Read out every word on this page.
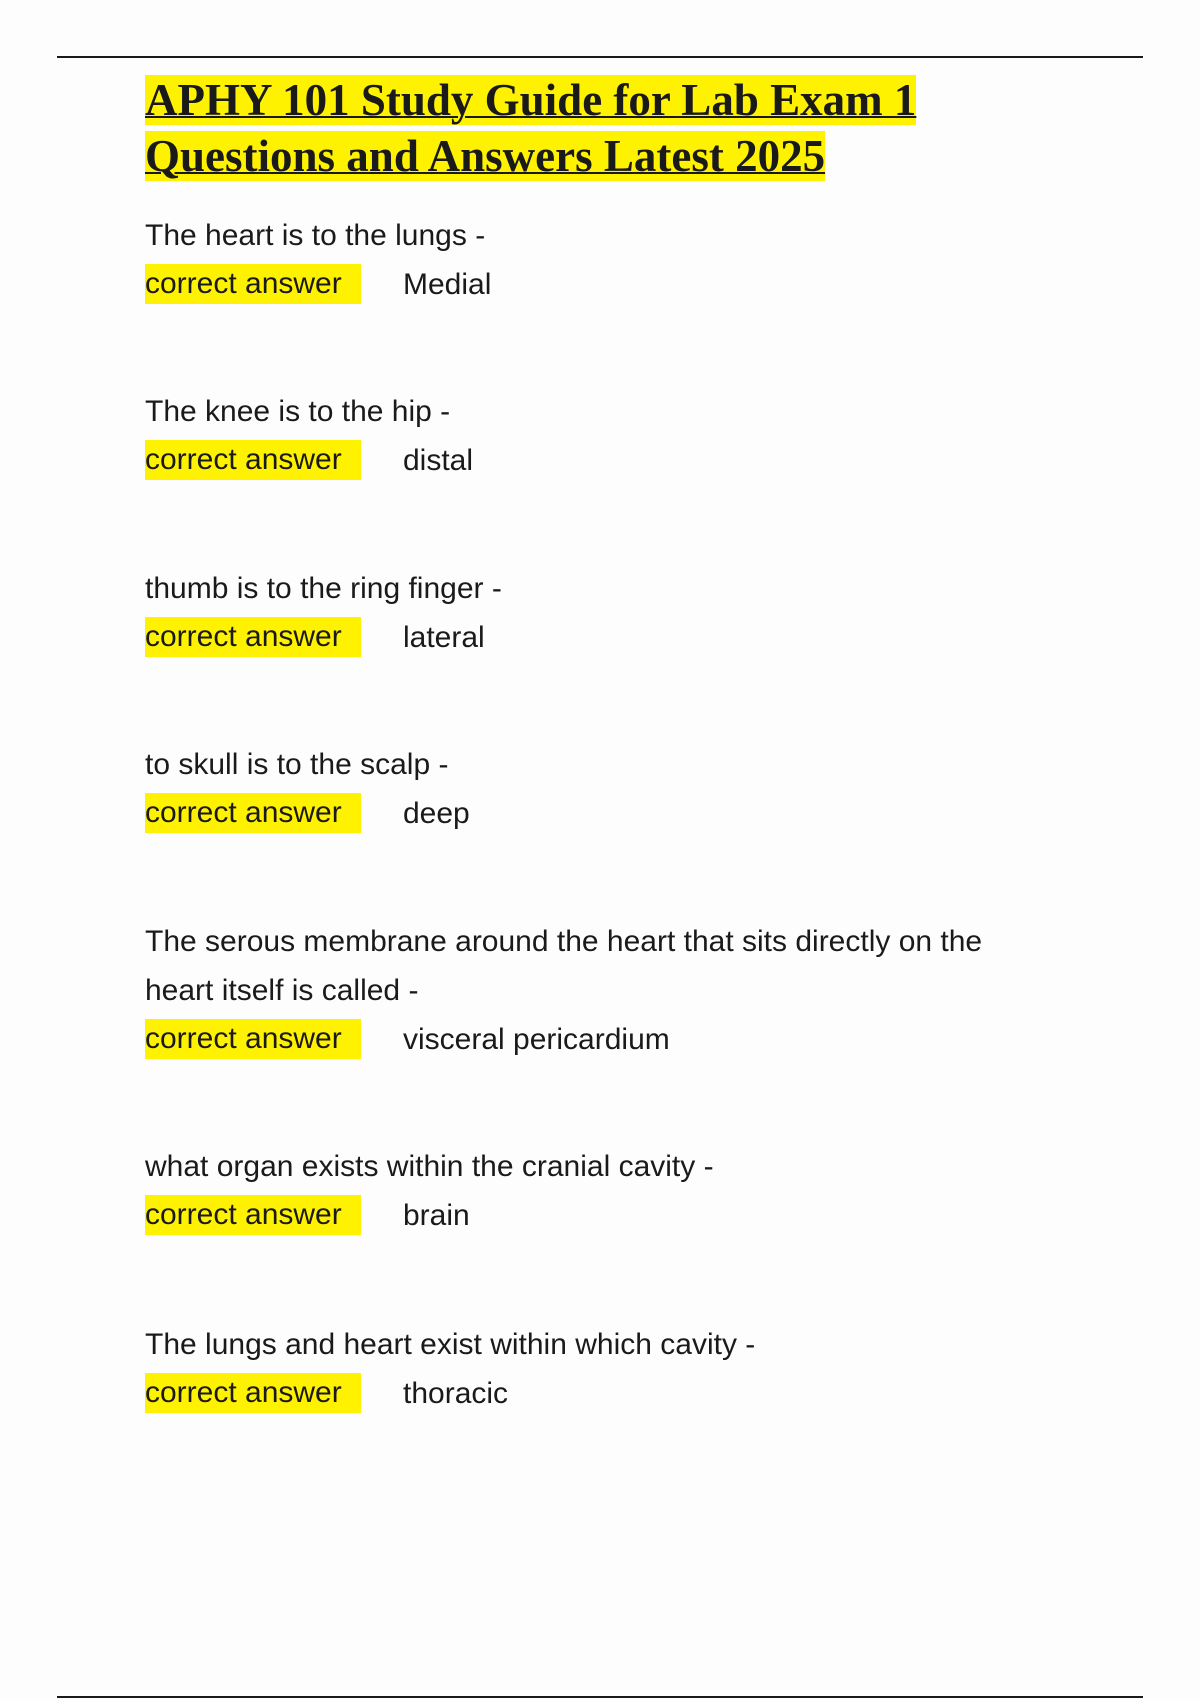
APHY 101 Study Guide for Lab Exam 1
Questions and Answers Latest 2025
The heart is to the lungs -
correct answer	Medial
The knee is to the hip -
correct answer	distal
thumb is to the ring finger -
correct answer	lateral
to skull is to the scalp -
correct answer	deep
The serous membrane around the heart that sits directly on the heart itself is called -
correct answer	visceral pericardium
what organ exists within the cranial cavity -
correct answer	brain
The lungs and heart exist within which cavity -
correct answer	thoracic
